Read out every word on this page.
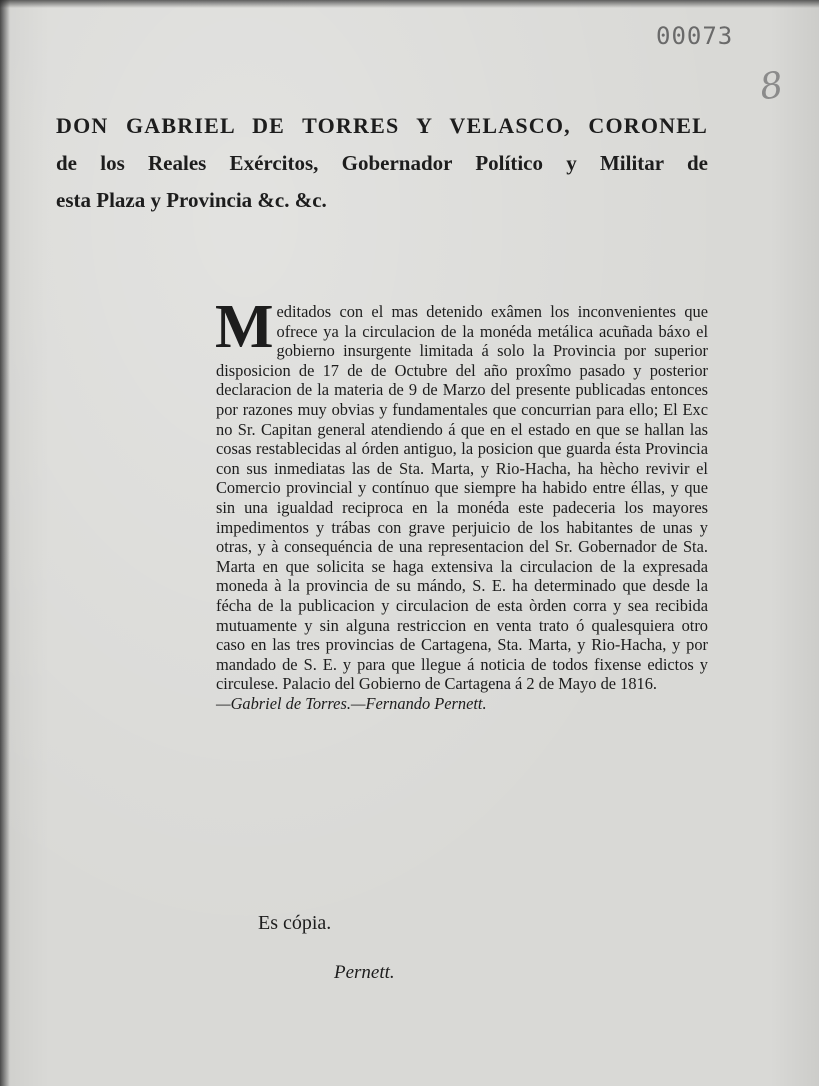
00073
8
DON GABRIEL DE TORRES Y VELASCO, CORONEL
de los Reales Exércitos, Gobernador Político y Militar de
esta Plaza y Provincia &c. &c.
Meditados con el mas detenido exâmen los inconvenientes que ofrece ya la circulacion de la monéda metálica acuñada báxo el gobierno insurgente limitada á solo la Provincia por superior disposicion de 17 de de Octubre del año proxîmo pasado y posterior declaracion de la materia de 9 de Marzo del presente publicadas entonces por razones muy obvias y fundamentales que concurrian para ello; El Exc no Sr. Capitan general atendiendo á que en el estado en que se hallan las cosas restablecidas al órden antiguo, la posicion que guarda ésta Provincia con sus inmediatas las de Sta. Marta, y Rio-Hacha, ha hècho revivir el Comercio provincial y contínuo que siempre ha habido entre éllas, y que sin una igualdad reciproca en la monéda este padeceria los mayores impedimentos y trábas con grave perjuicio de los habitantes de unas y otras, y à consequéncia de una representacion del Sr. Gobernador de Sta. Marta en que solicita se haga extensiva la circulacion de la expresada moneda à la provincia de su mándo, S. E. ha determinado que desde la fécha de la publicacion y circulacion de esta òrden corra y sea recibida mutuamente y sin alguna restriccion en venta trato ó qualesquiera otro caso en las tres provincias de Cartagena, Sta. Marta, y Rio-Hacha, y por mandado de S. E. y para que llegue á noticia de todos fixense edictos y circulese. Palacio del Gobierno de Cartagena á 2 de Mayo de 1816.
—Gabriel de Torres.—Fernando Pernett.
Es cópia.
Pernett.
